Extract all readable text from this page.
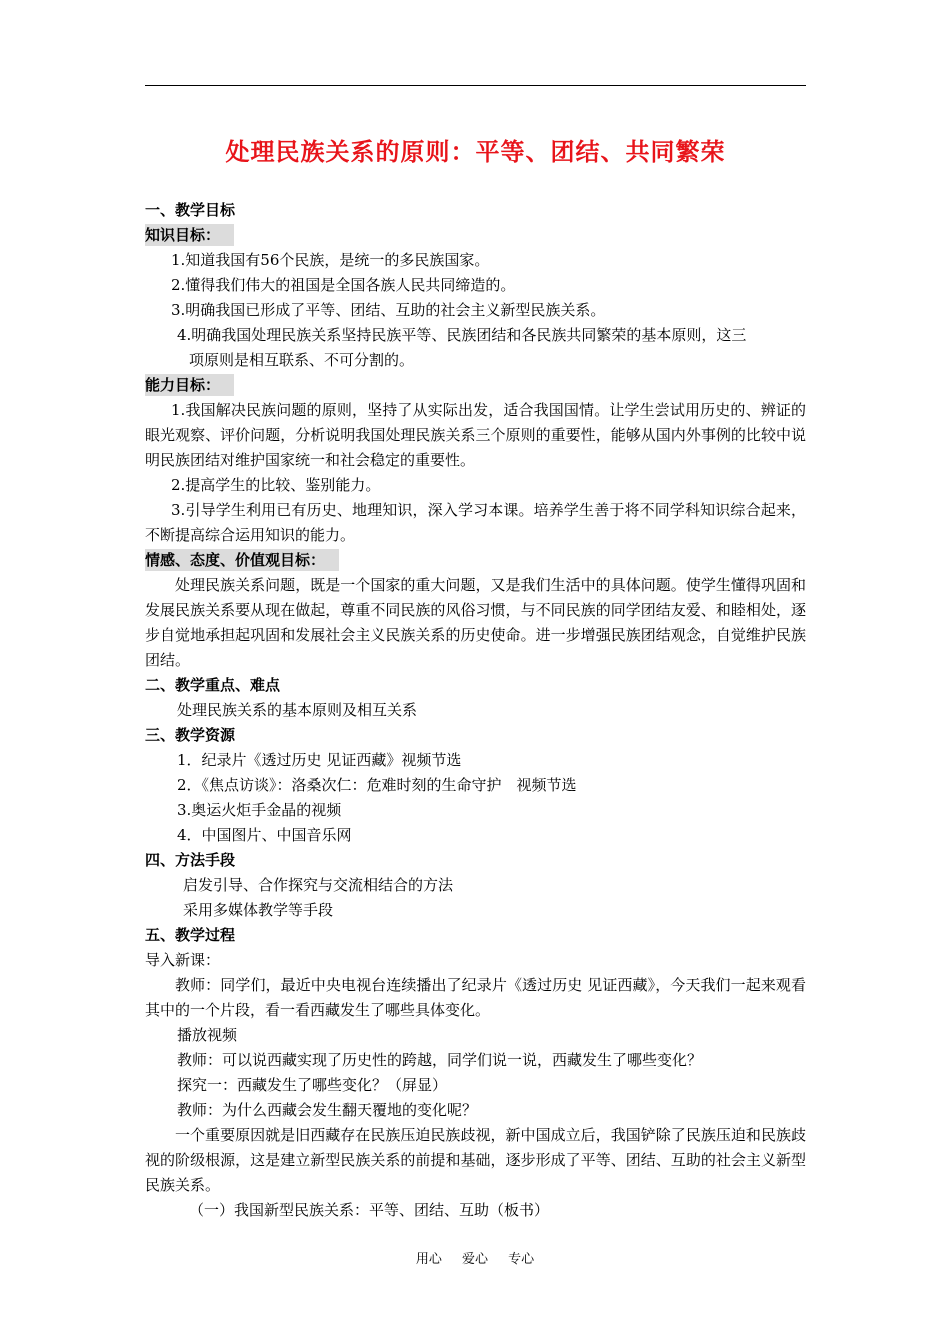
处理民族关系的原则：平等、团结、共同繁荣
一、教学目标
知识目标：
1.知道我国有56个民族，是统一的多民族国家。
2.懂得我们伟大的祖国是全国各族人民共同缔造的。
3.明确我国已形成了平等、团结、互助的社会主义新型民族关系。
4.明确我国处理民族关系坚持民族平等、民族团结和各民族共同繁荣的基本原则，这三
项原则是相互联系、不可分割的。
能力目标：
1.我国解决民族问题的原则，坚持了从实际出发，适合我国国情。让学生尝试用历史的、辨证的眼光观察、评价问题，分析说明我国处理民族关系三个原则的重要性，能够从国内外事例的比较中说明民族团结对维护国家统一和社会稳定的重要性。
2.提高学生的比较、鉴别能力。
3.引导学生利用已有历史、地理知识，深入学习本课。培养学生善于将不同学科知识综合起来，不断提高综合运用知识的能力。
情感、态度、价值观目标：
处理民族关系问题，既是一个国家的重大问题，又是我们生活中的具体问题。使学生懂得巩固和发展民族关系要从现在做起，尊重不同民族的风俗习惯，与不同民族的同学团结友爱、和睦相处，逐步自觉地承担起巩固和发展社会主义民族关系的历史使命。进一步增强民族团结观念，自觉维护民族团结。
二、教学重点、难点
处理民族关系的基本原则及相互关系
三、教学资源
1．纪录片《透过历史 见证西藏》视频节选
2．《焦点访谈》：洛桑次仁：危难时刻的生命守护　视频节选
3.奥运火炬手金晶的视频
4．中国图片、中国音乐网
四、方法手段
启发引导、合作探究与交流相结合的方法
采用多媒体教学等手段
五、教学过程
导入新课：
教师：同学们，最近中央电视台连续播出了纪录片《透过历史 见证西藏》，今天我们一起来观看其中的一个片段，看一看西藏发生了哪些具体变化。
播放视频
教师：可以说西藏实现了历史性的跨越，同学们说一说，西藏发生了哪些变化？
探究一：西藏发生了哪些变化？（屏显）
教师：为什么西藏会发生翻天覆地的变化呢？
一个重要原因就是旧西藏存在民族压迫民族歧视，新中国成立后，我国铲除了民族压迫和民族歧视的阶级根源，这是建立新型民族关系的前提和基础，逐步形成了平等、团结、互助的社会主义新型民族关系。
（一）我国新型民族关系：平等、团结、互助（板书）
用心 爱心 专心
